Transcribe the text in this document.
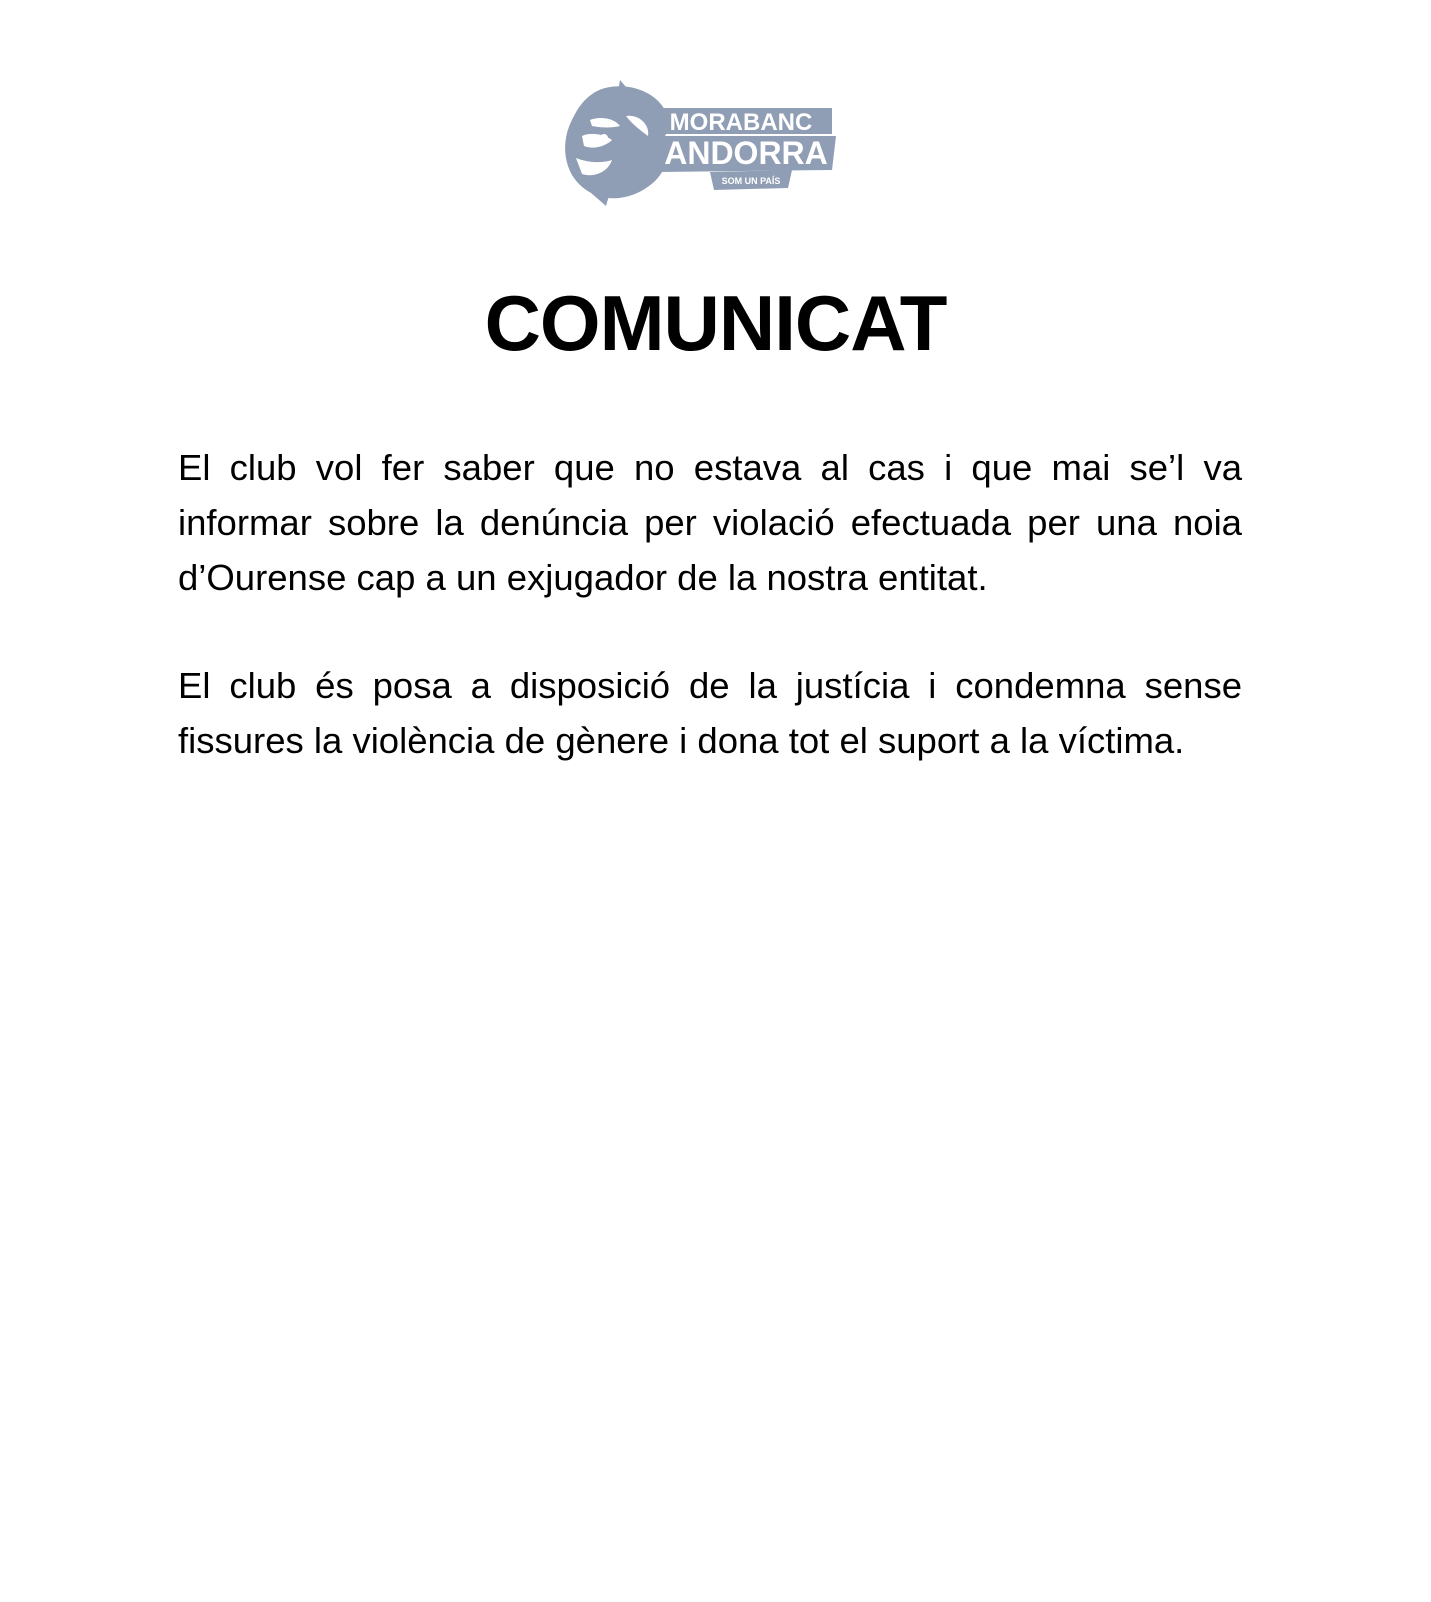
MORABANC
ANDORRA
SOM UN PAÍS
COMUNICAT

El club vol fer saber que no estava al cas i que mai se’l va informar sobre la denúncia per violació efectuada per una noia d’Ourense cap a un exjugador de la nostra entitat.

El club és posa a disposició de la justícia i condemna sense fissures la violència de gènere i dona tot el suport a la víctima.
